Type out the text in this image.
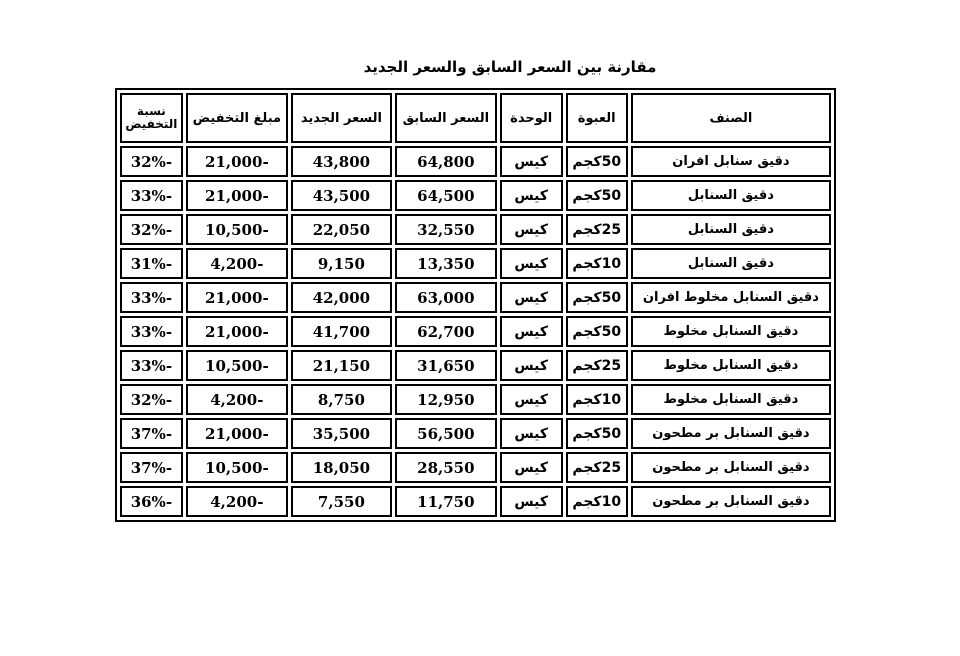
مقارنة بين السعر السابق والسعر الجديد
الصنف	العبوة	الوحدة	السعر السابق	السعر الجديد	مبلغ التخفيض	نسبة التخفيض
دقيق سنابل افران	50كجم	كيس	64,800	43,800	-21,000	-32%
دقيق السنابل	50كجم	كيس	64,500	43,500	-21,000	-33%
دقيق السنابل	25كجم	كيس	32,550	22,050	-10,500	-32%
دقيق السنابل	10كجم	كيس	13,350	9,150	-4,200	-31%
دقيق السنابل مخلوط افران	50كجم	كيس	63,000	42,000	-21,000	-33%
دقيق السنابل مخلوط	50كجم	كيس	62,700	41,700	-21,000	-33%
دقيق السنابل مخلوط	25كجم	كيس	31,650	21,150	-10,500	-33%
دقيق السنابل مخلوط	10كجم	كيس	12,950	8,750	-4,200	-32%
دقيق السنابل بر مطحون	50كجم	كيس	56,500	35,500	-21,000	-37%
دقيق السنابل بر مطحون	25كجم	كيس	28,550	18,050	-10,500	-37%
دقيق السنابل بر مطحون	10كجم	كيس	11,750	7,550	-4,200	-36%
